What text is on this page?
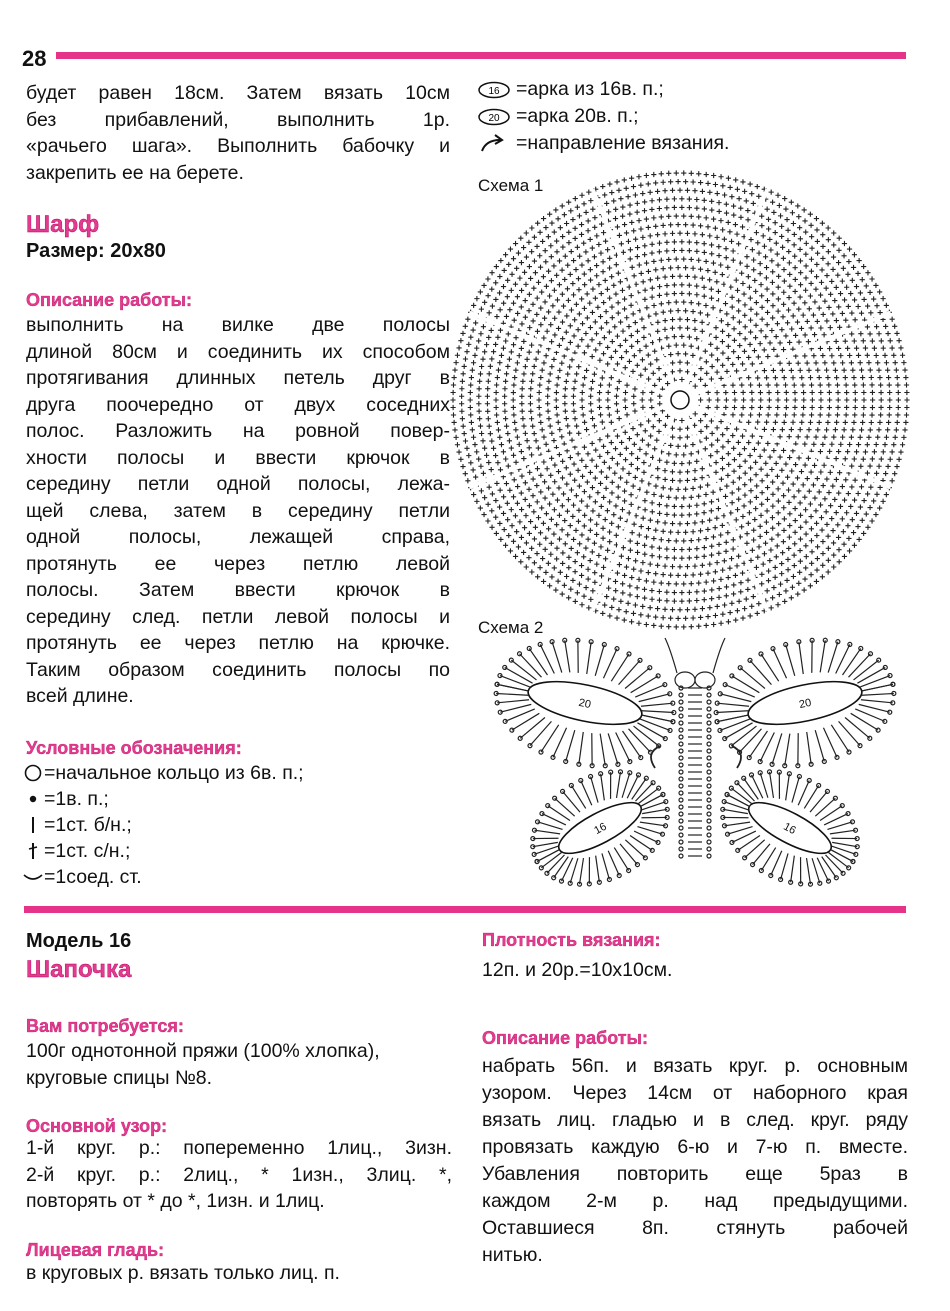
28
будет равен 18см. Затем вязать 10см
без прибавлений, выполнить 1р.
«рачьего шага». Выполнить бабочку и
закрепить ее на берете.
Шарф
Размер: 20х80
Описание работы:
выполнить на вилке две полосы
длиной 80см и соединить их способом
протягивания длинных петель друг в
друга поочередно от двух соседних
полос. Разложить на ровной повер-
хности полосы и ввести крючок в
середину петли одной полосы, лежа-
щей слева, затем в середину петли
одной полосы, лежащей справа,
протянуть ее через петлю левой
полосы. Затем ввести крючок в
середину след. петли левой полосы и
протянуть ее через петлю на крючке.
Таким образом соединить полосы по
всей длине.
Условные обозначения:
=начальное кольцо из 6в. п.;
=1в. п.;
=1ст. б/н.;
=1ст. с/н.;
=1соед. ст.
16 =арка из 16в. п.;
20 =арка 20в. п.;
=направление вязания.
Схема 1
Схема 2
20	20
16	16
Модель 16
Шапочка
Вам потребуется:
100г однотонной пряжи (100% хлопка),
круговые спицы №8.
Основной узор:
1-й круг. р.: попеременно 1лиц., 3изн.
2-й круг. р.: 2лиц., * 1изн., 3лиц. *,
повторять от * до *, 1изн. и 1лиц.
Лицевая гладь:
в круговых р. вязать только лиц. п.
Плотность вязания:
12п. и 20р.=10х10см.
Описание работы:
набрать 56п. и вязать круг. р. основным
узором. Через 14см от наборного края
вязать лиц. гладью и в след. круг. ряду
провязать каждую 6-ю и 7-ю п. вместе.
Убавления повторить еще 5раз в
каждом 2-м р. над предыдущими.
Оставшиеся 8п. стянуть рабочей
нитью.
